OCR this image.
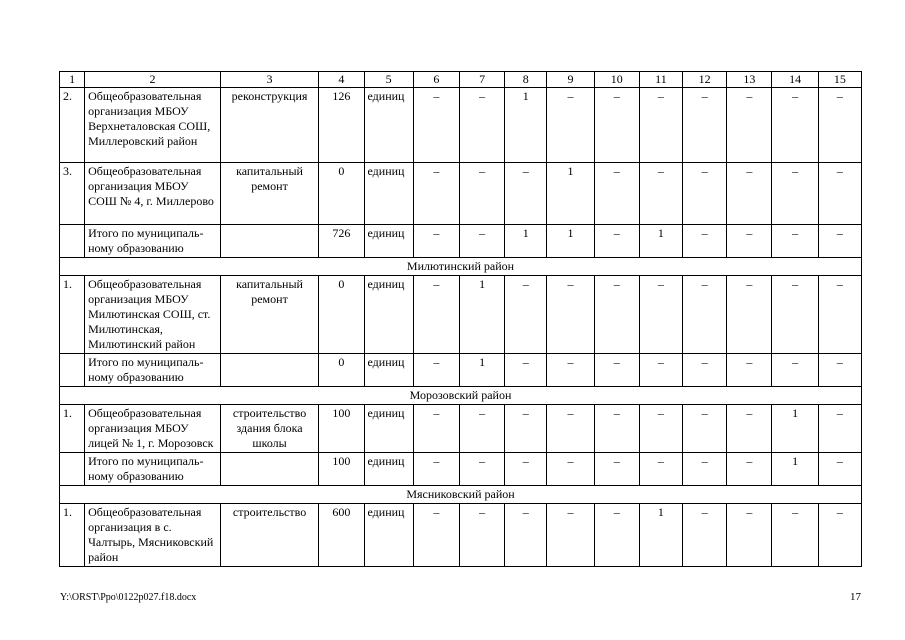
1	2	3	4	5	6	7	8	9	10	11	12	13	14	15
2.	Общеобразовательная организация МБОУ Верхнеталовская СОШ, Миллеровский район	реконструкция	126	единиц	–	–	1	–	–	–	–	–	–	–
3.	Общеобразовательная организация МБОУ СОШ № 4, г. Миллерово	капитальный ремонт	0	единиц	–	–	–	1	–	–	–	–	–	–
	Итого по муниципальному образованию		726	единиц	–	–	1	1	–	1	–	–	–	–
Милютинский район														
1.	Общеобразовательная организация МБОУ Милютинская СОШ, ст. Милютинская, Милютинский район	капитальный ремонт	0	единиц	–	1	–	–	–	–	–	–	–	–
	Итого по муниципальному образованию		0	единиц	–	1	–	–	–	–	–	–	–	–
Морозовский район														
1.	Общеобразовательная организация МБОУ лицей № 1, г. Морозовск	строительство здания блока школы	100	единиц	–	–	–	–	–	–	–	–	1	–
	Итого по муниципальному образованию		100	единиц	–	–	–	–	–	–	–	–	1	–
Мясниковский район														
1.	Общеобразовательная организация в с. Чалтырь, Мясниковский район	строительство	600	единиц	–	–	–	–	–	1	–	–	–	–
Y:\ORST\Ppo\0122p027.f18.docx	17
